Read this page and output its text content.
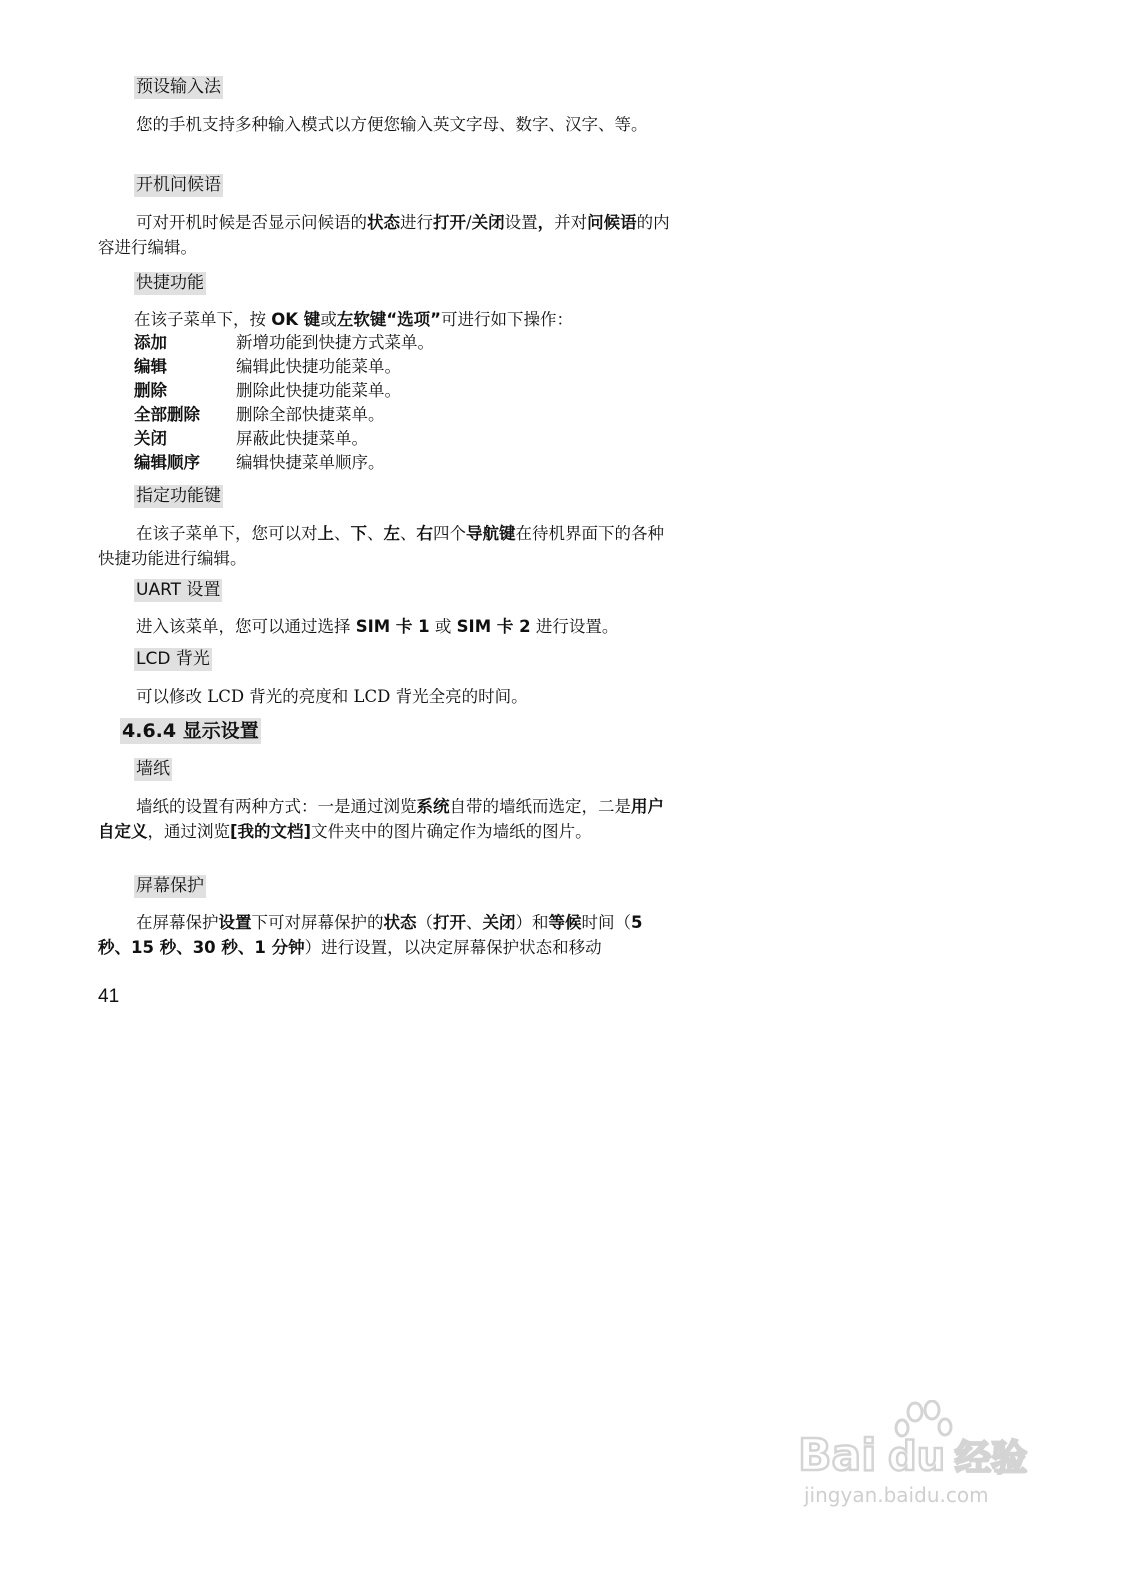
预设输入法

您的手机支持多种输入模式以方便您输入英文字母、数字、汉字、等。

开机问候语

可对开机时候是否显示问候语的状态进行打开/关闭设置，并对问候语的内容进行编辑。

快捷功能
在该子菜单下，按 OK 键或左软键“选项”可进行如下操作：
添加	新增功能到快捷方式菜单。
编辑	编辑此快捷功能菜单。
删除	删除此快捷功能菜单。
全部删除 删除全部快捷菜单。
关闭	屏蔽此快捷菜单。
编辑顺序 编辑快捷菜单顺序。
指定功能键

在该子菜单下，您可以对上、下、左、右四个导航键在待机界面下的各种快捷功能进行编辑。

UART 设置

进入该菜单，您可以通过选择 SIM 卡 1 或 SIM 卡 2 进行设置。

LCD 背光

可以修改 LCD 背光的亮度和 LCD 背光全亮的时间。

4.6.4 显示设置
墙纸

墙纸的设置有两种方式：一是通过浏览系统自带的墙纸而选定，二是用户自定义，通过浏览[我的文档]文件夹中的图片确定作为墙纸的图片。

屏幕保护

在屏幕保护设置下可对屏幕保护的状态（打开、关闭）和等候时间（5 秒、15 秒、30 秒、1 分钟）进行设置，以决定屏幕保护状态和移动

41
Bai du 经验
jingyan.baidu.com
